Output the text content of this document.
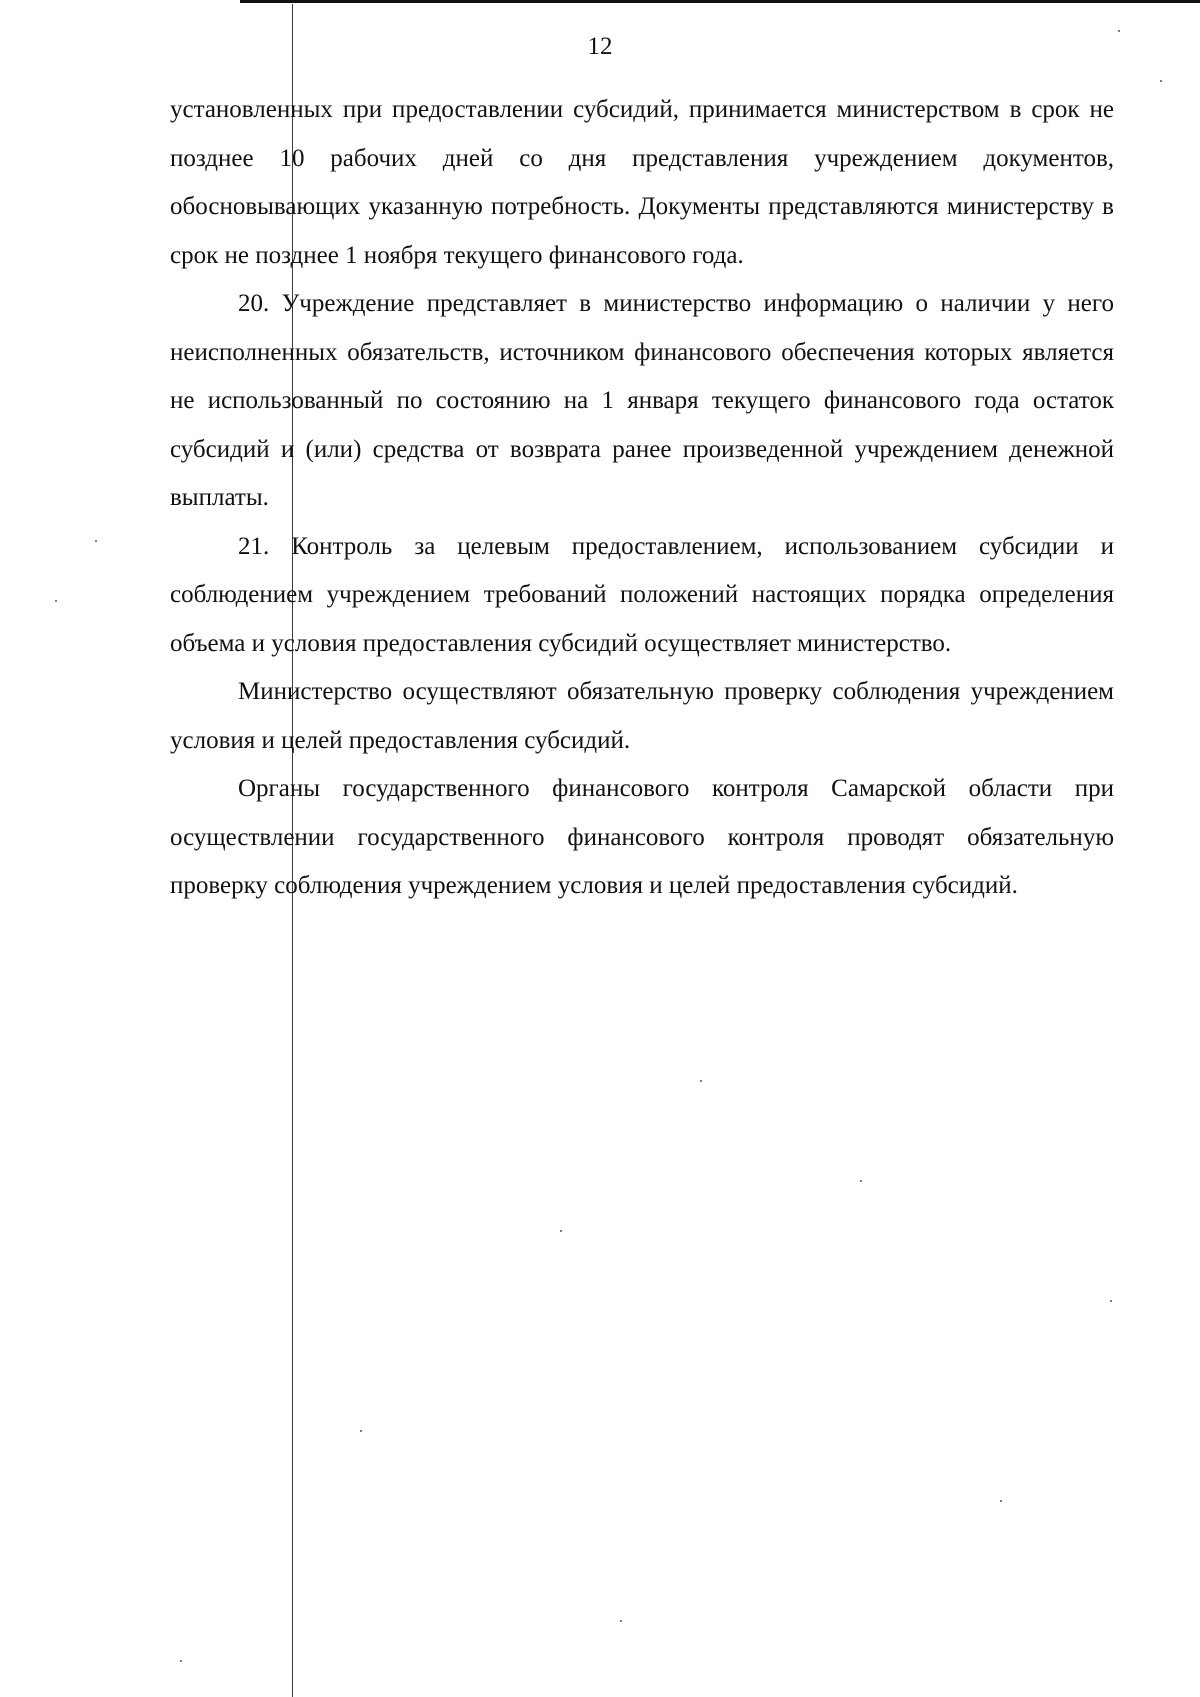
12

установленных при предоставлении субсидий, принимается министерством в срок не позднее 10 рабочих дней со дня представления учреждением документов, обосновывающих указанную потребность. Документы представляются министерству в срок не позднее 1 ноября текущего финансового года.

20. Учреждение представляет в министерство информацию о наличии у него неисполненных обязательств, источником финансового обеспечения которых является не использованный по состоянию на 1 января текущего финансового года остаток субсидий и (или) средства от возврата ранее произведенной учреждением денежной выплаты.

21. Контроль за целевым предоставлением, использованием субсидии и соблюдением учреждением требований положений настоящих порядка определения объема и условия предоставления субсидий осуществляет министерство.

Министерство осуществляют обязательную проверку соблюдения учреждением условия и целей предоставления субсидий.

Органы государственного финансового контроля Самарской области при осуществлении государственного финансового контроля проводят обязательную проверку соблюдения учреждением условия и целей предоставления субсидий.
